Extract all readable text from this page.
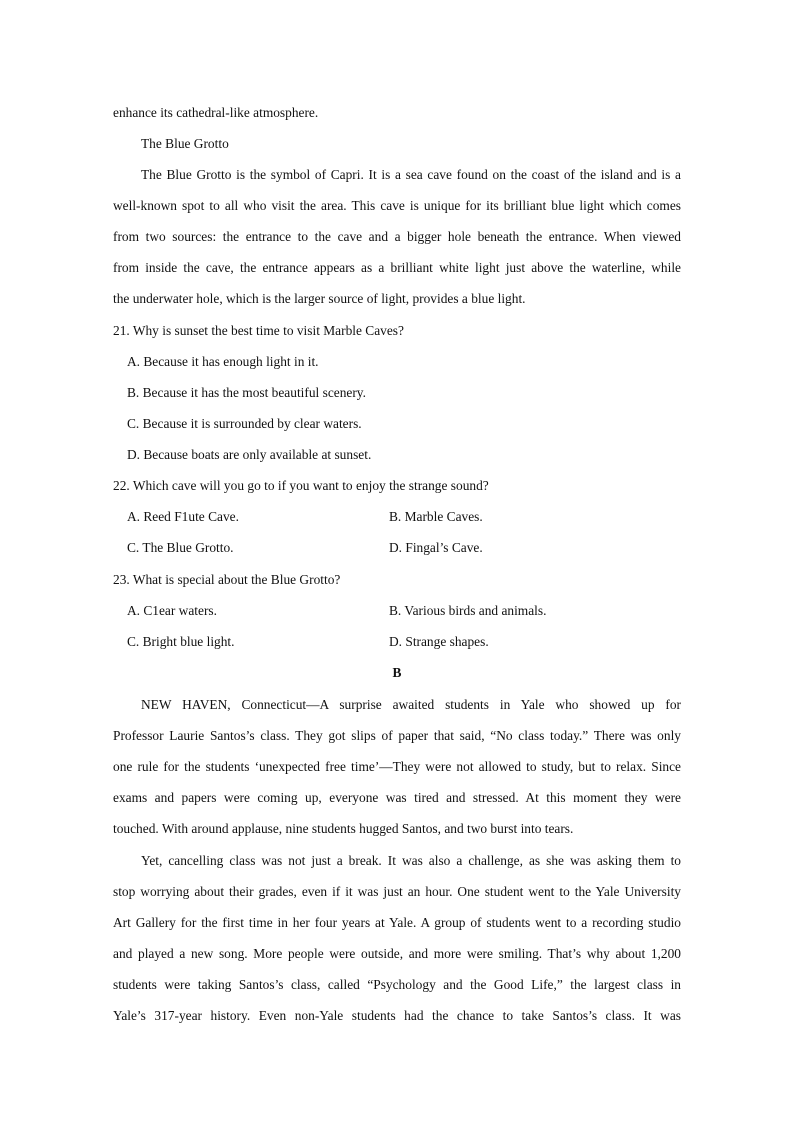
enhance its cathedral-like atmosphere.
The Blue Grotto
The Blue Grotto is the symbol of Capri. It is a sea cave found on the coast of the island and is a
well-known spot to all who visit the area. This cave is unique for its brilliant blue light which comes
from two sources: the entrance to the cave and a bigger hole beneath the entrance. When viewed
from inside the cave, the entrance appears as a brilliant white light just above the waterline, while
the underwater hole, which is the larger source of light, provides a blue light.
21. Why is sunset the best time to visit Marble Caves?
A. Because it has enough light in it.
B. Because it has the most beautiful scenery.
C. Because it is surrounded by clear waters.
D. Because boats are only available at sunset.
22. Which cave will you go to if you want to enjoy the strange sound?
A. Reed F1ute Cave.	B. Marble Caves.
C. The Blue Grotto.	D. Fingal’s Cave.
23. What is special about the Blue Grotto?
A. C1ear waters.	B. Various birds and animals.
C. Bright blue light.	D. Strange shapes.
B
NEW HAVEN, Connecticut—A surprise awaited students in Yale who showed up for
Professor Laurie Santos’s class. They got slips of paper that said, “No class today.” There was only
one rule for the students ‘unexpected free time’—They were not allowed to study, but to relax. Since
exams and papers were coming up, everyone was tired and stressed. At this moment they were
touched. With around applause, nine students hugged Santos, and two burst into tears.
Yet, cancelling class was not just a break. It was also a challenge, as she was asking them to
stop worrying about their grades, even if it was just an hour. One student went to the Yale University
Art Gallery for the first time in her four years at Yale. A group of students went to a recording studio
and played a new song. More people were outside, and more were smiling. That’s why about 1,200
students were taking Santos’s class, called “Psychology and the Good Life,” the largest class in
Yale’s 317-year history. Even non-Yale students had the chance to take Santos’s class. It was
